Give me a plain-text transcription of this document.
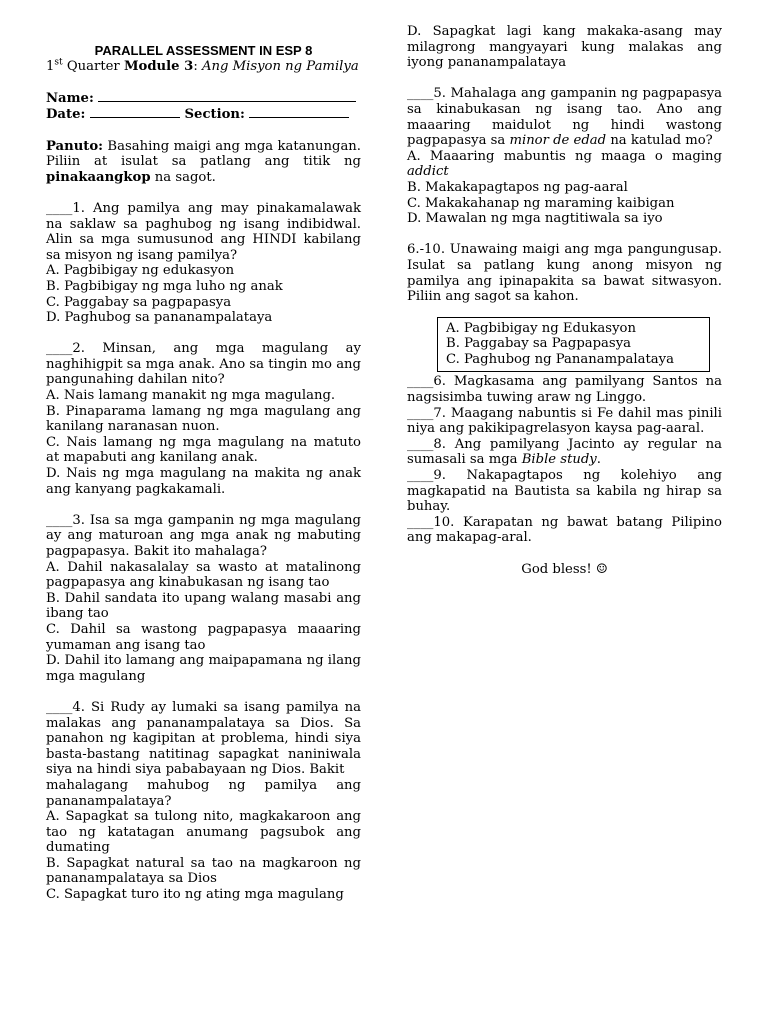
PARALLEL ASSESSMENT IN ESP 8

1st Quarter Module 3: Ang Misyon ng Pamilya

Name:

Date:	Section:

Panuto: Basahing maigi ang mga katanungan. Piliin at isulat sa patlang ang titik ng pinakaangkop na sagot.

____1. Ang pamilya ang may pinakamalawak na saklaw sa paghubog ng isang indibidwal. Alin sa mga sumusunod ang HINDI kabilang sa misyon ng isang pamilya?

A. Pagbibigay ng edukasyon
B. Pagbibigay ng mga luho ng anak
C. Paggabay sa pagpapasya
D. Paghubog sa pananampalataya

____2. Minsan, ang mga magulang ay naghihigpit sa mga anak. Ano sa tingin mo ang pangunahing dahilan nito?

A. Nais lamang manakit ng mga magulang.

B. Pinaparama lamang ng mga magulang ang kanilang naranasan nuon.

C. Nais lamang ng mga magulang na matuto at mapabuti ang kanilang anak.

D. Nais ng mga magulang na makita ng anak ang kanyang pagkakamali.

____3. Isa sa mga gampanin ng mga magulang ay ang maturoan ang mga anak ng mabuting pagpapasya. Bakit ito mahalaga?

A. Dahil nakasalalay sa wasto at matalinong pagpapasya ang kinabukasan ng isang tao

B. Dahil sandata ito upang walang masabi ang ibang tao

C. Dahil sa wastong pagpapasya maaaring yumaman ang isang tao

D. Dahil ito lamang ang maipapamana ng ilang mga magulang

____4. Si Rudy ay lumaki sa isang pamilya na malakas ang pananampalataya sa Dios. Sa panahon ng kagipitan at problema, hindi siya basta-bastang natitinag sapagkat naniniwala siya na hindi siya pababayaan ng Dios. Bakit

mahalagang mahubog ng pamilya ang pananampalataya?

A. Sapagkat sa tulong nito, magkakaroon ang tao ng katatagan anumang pagsubok ang dumating

B. Sapagkat natural sa tao na magkaroon ng pananampalataya sa Dios

C. Sapagkat turo ito ng ating mga magulang

D. Sapagkat lagi kang makaka-asang may milagrong mangyayari kung malakas ang iyong pananampalataya

____5. Mahalaga ang gampanin ng pagpapasya sa kinabukasan ng isang tao. Ano ang maaaring maidulot ng hindi wastong pagpapasya sa minor de edad na katulad mo?

A. Maaaring mabuntis ng maaga o maging addict

B. Makakapagtapos ng pag-aaral
C. Makakahanap ng maraming kaibigan
D. Mawalan ng mga nagtitiwala sa iyo

6.-10. Unawaing maigi ang mga pangungusap. Isulat sa patlang kung anong misyon ng pamilya ang ipinapakita sa bawat sitwasyon. Piliin ang sagot sa kahon.

A. Pagbibigay ng Edukasyon
B. Paggabay sa Pagpapasya
C. Paghubog ng Pananampalataya

____6. Magkasama ang pamilyang Santos na nagsisimba tuwing araw ng Linggo.

____7. Maagang nabuntis si Fe dahil mas pinili niya ang pakikipagrelasyon kaysa pag-aaral.

____8. Ang pamilyang Jacinto ay regular na sumasali sa mga Bible study.

____9. Nakapagtapos ng kolehiyo ang magkapatid na Bautista sa kabila ng hirap sa buhay.

____10. Karapatan ng bawat batang Pilipino ang makapag-aral.

God bless! ☺
